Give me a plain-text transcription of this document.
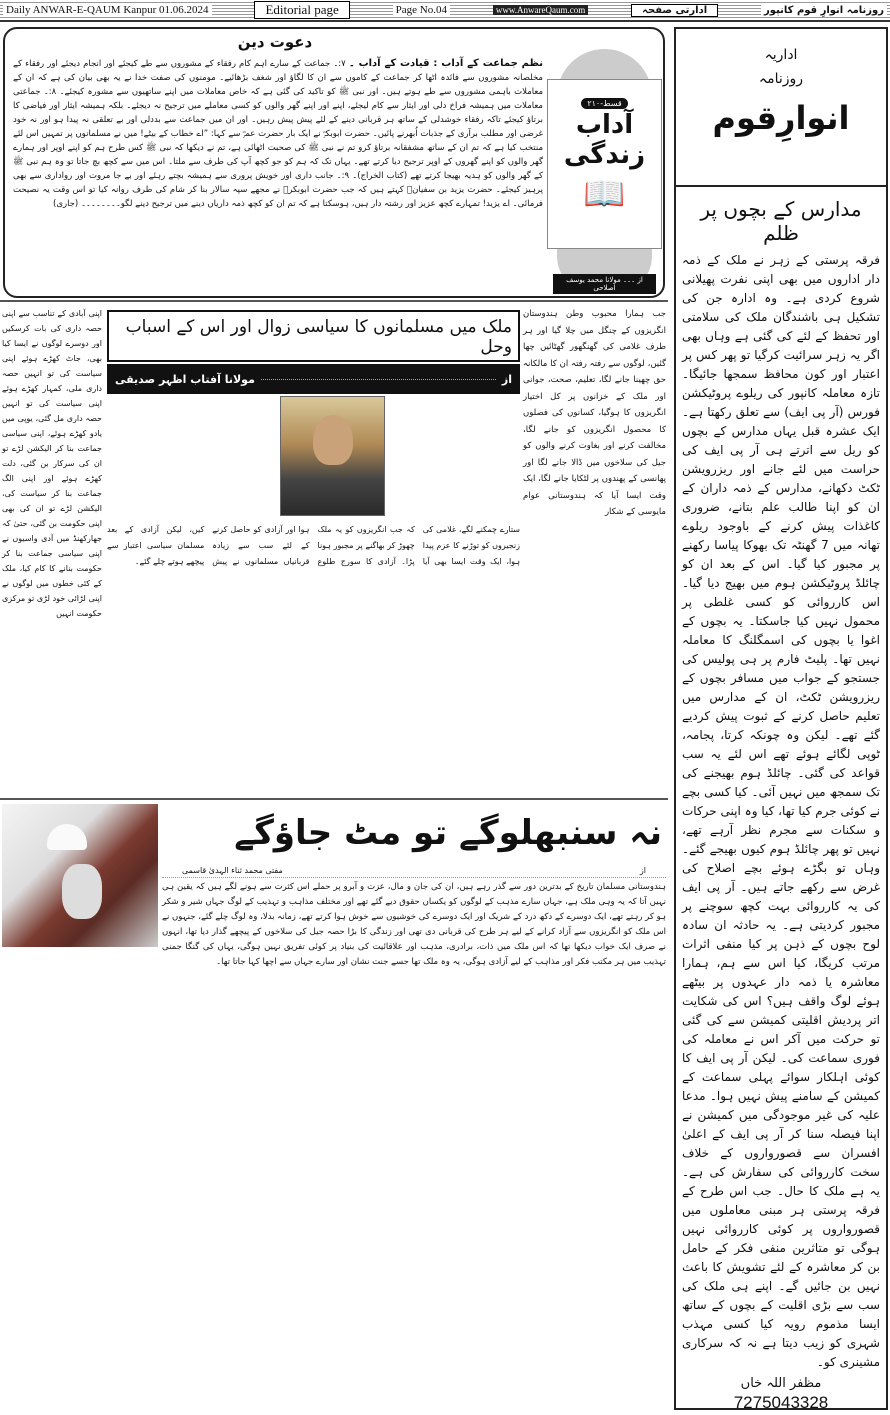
Daily ANWAR-E-QAUM Kanpur 01.06.2024	Editorial page	Page No.04	www.AnwareQaum.com	ادارتی صفحہ	روزنامہ انوارِ قوم کانپور
دعوت دین
نظم جماعت کے آداب : قیادت کے آداب ۔ ۷:۔ جماعت کے سارے اہم کام رفقاء کے مشوروں سے طے کیجئے اور انجام دیجئے اور رفقاء کے مخلصانہ مشوروں سے فائدہ اٹھا کر جماعت کے کاموں سے ان کا لگاؤ اور شغف بڑھائیے۔ مومنوں کی صفت خدا نے یہ بھی بیان کی ہے کہ ان کے معاملات باہمی مشوروں سے طے ہوتے ہیں۔ اور نبی ﷺ کو تاکید کی گئی ہے کہ خاص معاملات میں اپنے ساتھیوں سے مشورہ کیجئے۔ ۸:۔ جماعتی معاملات میں ہمیشہ فراخ دلی اور ایثار سے کام لیجئے، اپنے اور اپنے گھر والوں کو کسی معاملے میں ترجیح نہ دیجئے۔ بلکہ ہمیشہ ایثار اور فیاضی کا برتاؤ کیجئے تاکہ رفقاء خوشدلی کے ساتھ ہر قربانی دینے کے لئے پیش پیش رہیں۔ اور ان میں جماعت سے بددلی اور بے تعلقی نہ پیدا ہو اور نہ خود غرضی اور مطلب برآری کے جذبات اُبھرنے پائیں۔ حضرت ابوبکرؓ نے ایک بار حضرت عمرؓ سے کہا: ”اے خطاب کے بیٹے! میں نے مسلمانوں پر تمہیں اس لئے منتخب کیا ہے کہ تم ان کے ساتھ مشفقانہ برتاؤ کرو تم نے نبی ﷺ کی صحبت اٹھائی ہے، تم نے دیکھا کہ نبی ﷺ کس طرح ہم کو اپنے اوپر اور ہمارے گھر والوں کو اپنے گھروں کے اوپر ترجیح دیا کرتے تھے۔ یہاں تک کہ ہم کو جو کچھ آپ کی طرف سے ملتا۔ اس میں سے کچھ بچ جاتا تو وہ ہم نبی ﷺ کے گھر والوں کو ہدیہ بھیجا کرتے تھے (کتاب الخراج)۔ ۹:۔ جانب داری اور خویش پروری سے ہمیشہ بچتے رہئے اور بے جا مروت اور رواداری سے بھی پرہیز کیجئے۔ حضرت یزید بن سفیانؓ کہتے ہیں کہ جب حضرت ابوبکرؓ نے مجھے سپہ سالار بنا کر شام کی طرف روانہ کیا تو اس وقت یہ نصیحت فرمائی۔ اے یزید! تمہارے کچھ عزیز اور رشتہ دار ہیں، ہوسکتا ہے کہ تم ان کو کچھ ذمہ داریاں دینے میں ترجیح دینے لگو۔۔۔۔۔۔۔۔ (جاری)
قسط-۲۱۰
آداب
زندگی
📖
از ۔۔۔ مولانا محمد یوسف اصلاحی
اپنی آبادی کے تناسب سے اپنی حصہ داری کی بات کرسکیں اور دوسرے لوگوں نے ایسا کیا بھی، جاٹ کھڑے ہوئے اپنی سیاست کی تو انہیں حصہ داری ملی، کمہار کھڑے ہوئے اپنی سیاست کی تو انہیں حصہ داری مل گئی، یوپی میں یادو کھڑے ہوئے، اپنی سیاسی جماعت بنا کر الیکشن لڑے تو ان کی سرکار بن گئی، دلت کھڑے ہوئے اور اپنی الگ جماعت بنا کر سیاست کی، الیکشن لڑے تو ان کی بھی اپنی حکومت بن گئی، حتیٰ کہ جھارکھنڈ میں آدی واسیوں نے اپنی سیاسی جماعت بنا کر حکومت بنانے کا کام کیا، ملک کے کئی خطوں میں لوگوں نے اپنی لڑائی خود لڑی تو مرکزی حکومت انہیں
ملک میں مسلمانوں کا سیاسی زوال اور اس کے اسباب وحل
از
مولانا آفتاب اظہر صدیقی
ستارے چمکنے لگے، غلامی کی زنجیروں کو توڑنے کا عزم پیدا ہوا، ایک وقت ایسا بھی آیا کہ جب انگریزوں کو یہ ملک چھوڑ کر بھاگنے پر مجبور ہونا پڑا۔ آزادی کا سورج طلوع ہوا اور آزادی کو حاصل کرنے کے لئے سب سے زیادہ قربانیاں مسلمانوں نے پیش کیں، لیکن آزادی کے بعد مسلمان سیاسی اعتبار سے پیچھے ہوتے چلے گئے۔
جب ہمارا محبوب وطن ہندوستان انگریزوں کے چنگل میں چلا گیا اور ہر طرف غلامی کی گھنگھور گھٹائیں چھا گئیں، لوگوں سے رفتہ رفتہ ان کا مالکانہ حق چھینا جانے لگا، تعلیم، صحت، جوانی اور ملک کے خزانوں پر کل اختیار انگریزوں کا ہوگیا، کسانوں کی فصلوں کا محصول انگریزوں کو جانے لگا، مخالفت کرنے اور بغاوت کرنے والوں کو جیل کی سلاخوں میں ڈالا جانے لگا اور پھانسی کے پھندوں پر لٹکایا جانے لگا، ایک وقت ایسا آیا کہ ہندوستانی عوام مایوسی کے شکار
نہ سنبھلوگے تو مٹ جاؤگے
از
مفتی محمد ثناء الہدیٰ قاسمی
ہندوستانی مسلمان تاریخ کے بدترین دور سے گذر رہے ہیں، ان کی جان و مال، عزت و آبرو پر حملے اس کثرت سے ہونے لگے ہیں کہ یقین ہی نہیں آتا کہ یہ وہی ملک ہے، جہاں سارے مذہب کے لوگوں کو یکساں حقوق دیے گئے تھے اور مختلف مذاہب و تہذیب کے لوگ جہاں شیر و شکر ہو کر رہتے تھے، ایک دوسرے کے دکھ درد کے شریک اور ایک دوسرے کی خوشیوں سے خوش ہوا کرتے تھے، زمانہ بدلا، وہ لوگ چلے گئے، جنہوں نے اس ملک کو انگریزوں سے آزاد کرانے کے لیے ہر طرح کی قربانی دی تھی اور زندگی کا بڑا حصہ جیل کی سلاخوں کے پیچھے گذار دیا تھا، انہوں نے صرف ایک خواب دیکھا تھا کہ اس ملک میں ذات، برادری، مذہب اور علاقائیت کی بنیاد پر کوئی تفریق نہیں ہوگی، یہاں کی گنگا جمنی تہذیب میں ہر مکتب فکر اور مذاہب کے لیے آزادی ہوگی، یہ وہ ملک تھا جسے جنت نشان اور سارے جہاں سے اچھا کہا جاتا تھا۔
اداریہ
روزنامہ
انوارِقوم
مدارس کے بچوں پر ظلم
فرقہ پرستی کے زہر نے ملک کے ذمہ دار اداروں میں بھی اپنی نفرت پھیلانی شروع کردی ہے۔ وہ ادارہ جن کی تشکیل ہی باشندگان ملک کی سلامتی اور تحفظ کے لئے کی گئی ہے وہاں بھی اگر یہ زہر سرائیت کرگیا تو پھر کس پر اعتبار اور کون محافظ سمجھا جائیگا۔ تازہ معاملہ کانپور کی ریلوے پروٹیکشن فورس (آر پی ایف) سے تعلق رکھتا ہے۔ ایک عشرہ قبل یہاں مدارس کے بچوں کو ریل سے اترتے ہی آر پی ایف کی حراست میں لئے جانے اور ریزرویشن ٹکٹ دکھانے، مدارس کے ذمہ داران کے ان کو اپنا طالب علم بتانے، ضروری کاغذات پیش کرنے کے باوجود ریلوے تھانہ میں 7 گھنٹہ تک بھوکا پیاسا رکھنے پر مجبور کیا گیا۔ اس کے بعد ان کو چائلڈ پروٹیکشن ہوم میں بھیج دیا گیا۔ اس کارروائی کو کسی غلطی پر محمول نہیں کیا جاسکتا۔ یہ بچوں کے اغوا یا بچوں کی اسمگلنگ کا معاملہ نہیں تھا۔ پلیٹ فارم پر ہی پولیس کی جستجو کے جواب میں مسافر بچوں کے ریزرویشن ٹکٹ، ان کے مدارس میں تعلیم حاصل کرنے کے ثبوت پیش کردیے گئے تھے۔ لیکن وہ چونکہ کرتا، پجامہ، ٹوپی لگائے ہوئے تھے اس لئے یہ سب قواعد کی گئی۔ چائلڈ ہوم بھیجنے کی تک سمجھ میں نہیں آئی۔ کیا کسی بچے نے کوئی جرم کیا تھا، کیا وہ اپنی حرکات و سکنات سے مجرم نظر آرہے تھے، نہیں تو پھر چائلڈ ہوم کیوں بھیجے گئے۔ وہاں تو بگڑے ہوئے بچے اصلاح کی غرض سے رکھے جاتے ہیں۔ آر پی ایف کی یہ کارروائی بہت کچھ سوچنے پر مجبور کردیتی ہے۔ یہ حادثہ ان سادہ لوح بچوں کے ذہن پر کیا منفی اثرات مرتب کریگا، کیا اس سے ہم، ہمارا معاشرہ یا ذمہ دار عہدوں پر بیٹھے ہوئے لوگ واقف ہیں؟ اس کی شکایت اتر پردیش اقلیتی کمیشن سے کی گئی تو حرکت میں آکر اس نے معاملہ کی فوری سماعت کی۔ لیکن آر پی ایف کا کوئی اہلکار سوائے پہلی سماعت کے کمیشن کے سامنے پیش نہیں ہوا۔ مدعا علیہ کی غیر موجودگی میں کمیشن نے اپنا فیصلہ سنا کر آر پی ایف کے اعلیٰ افسران سے قصورواروں کے خلاف سخت کارروائی کی سفارش کی ہے۔ یہ ہے ملک کا حال۔ جب اس طرح کے فرقہ پرستی ہر مبنی معاملوں میں قصورواروں پر کوئی کارروائی نہیں ہوگی تو متاثرین منفی فکر کے حامل بن کر معاشرہ کے لئے تشویش کا باعث نہیں بن جائیں گے۔ اپنے ہی ملک کی سب سے بڑی اقلیت کے بچوں کے ساتھ ایسا مذموم رویہ کیا کسی مہذب شہری کو زیب دیتا ہے نہ کہ سرکاری مشینری کو۔
مظفر اللہ خاں
7275043328
